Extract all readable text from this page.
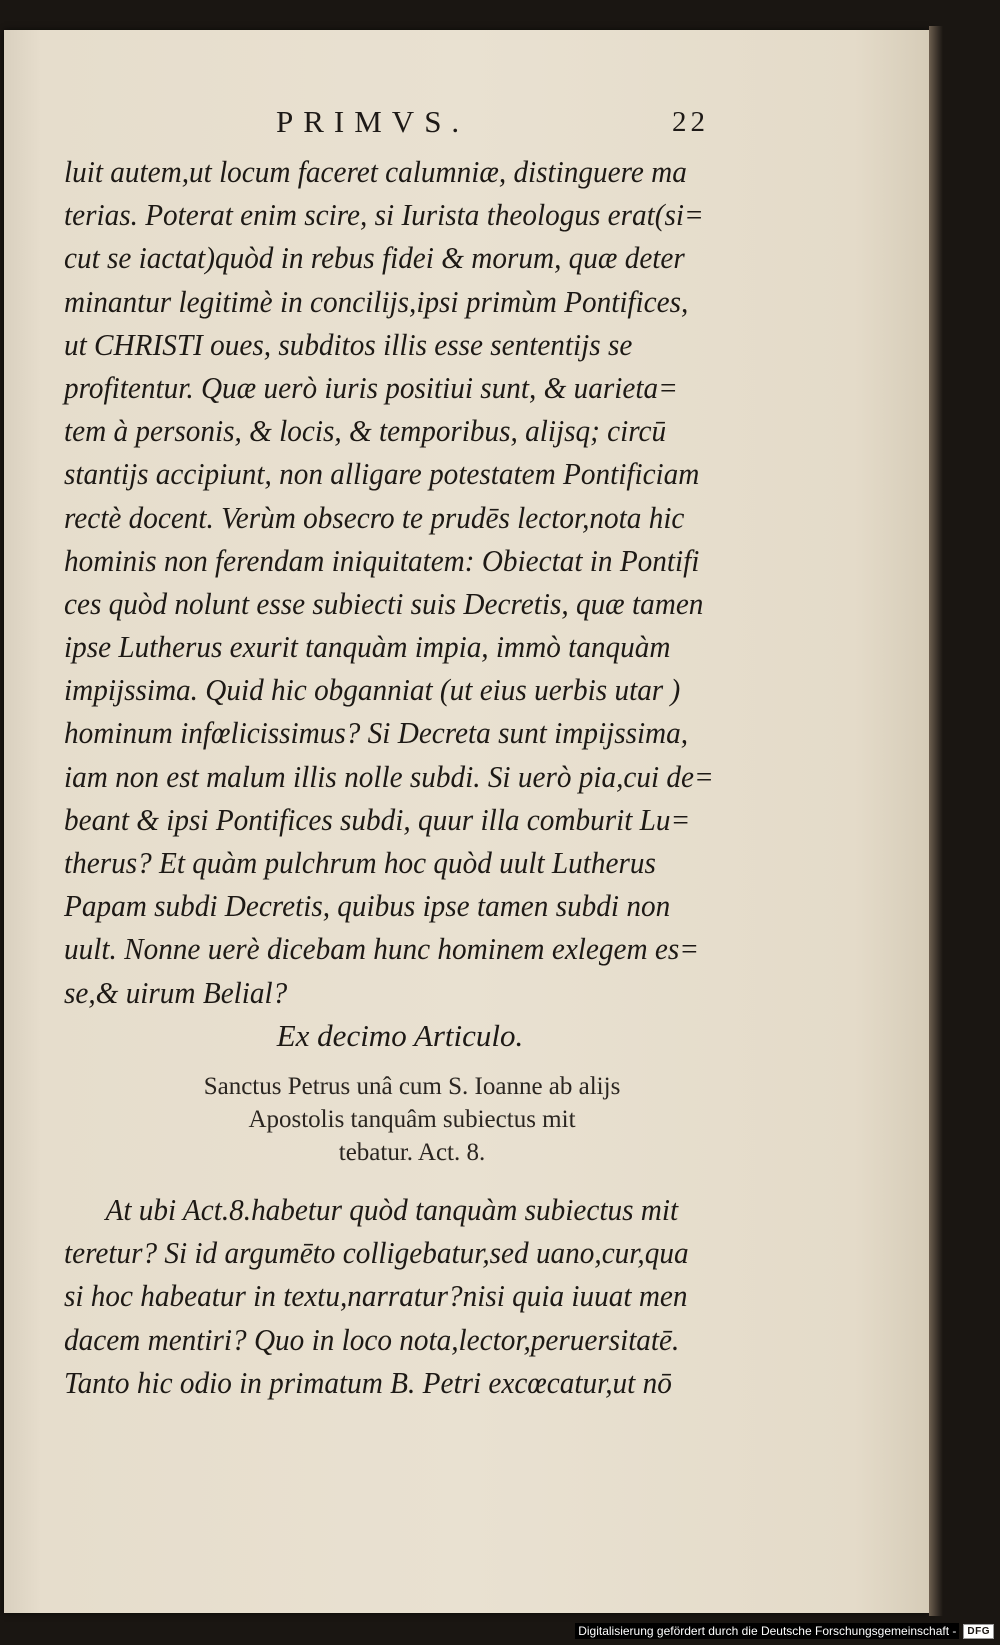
PRIMVS.	22
luit autem,ut locum faceret calumniæ, distinguere ma
terias. Poterat enim scire, si Iurista theologus erat(si=
cut se iactat)quòd in rebus fidei & morum, quæ deter
minantur legitimè in concilijs,ipsi primùm Pontifices,
ut CHRISTI oues, subditos illis esse sententijs se
profitentur. Quæ uerò iuris positiui sunt, & uarieta=
tem à personis, & locis, & temporibus, alijsq; circū
stantijs accipiunt, non alligare potestatem Pontificiam
rectè docent. Verùm obsecro te prudēs lector,nota hic
hominis non ferendam iniquitatem: Obiectat in Pontifi
ces quòd nolunt esse subiecti suis Decretis, quæ tamen
ipse Lutherus exurit tanquàm impia, immò tanquàm
impijssima. Quid hic obganniat (ut eius uerbis utar )
hominum infœlicissimus? Si Decreta sunt impijssima,
iam non est malum illis nolle subdi. Si uerò pia,cui de=
beant & ipsi Pontifices subdi, quur illa comburit Lu=
therus? Et quàm pulchrum hoc quòd uult Lutherus
Papam subdi Decretis, quibus ipse tamen subdi non
uult. Nonne uerè dicebam hunc hominem exlegem es=
se,& uirum Belial?
Ex decimo Articulo.
Sanctus Petrus unâ cum S. Ioanne ab alijs
Apostolis tanquâm subiectus mit
tebatur. Act. 8.
At ubi Act.8.habetur quòd tanquàm subiectus mit
teretur? Si id argumēto colligebatur,sed uano,cur,qua
si hoc habeatur in textu,narratur?nisi quia iuuat men
dacem mentiri? Quo in loco nota,lector,peruersitatē.
Tanto hic odio in primatum B. Petri excœcatur,ut nō
Digitalisierung gefördert durch die Deutsche Forschungsgemeinschaft -	DFG
